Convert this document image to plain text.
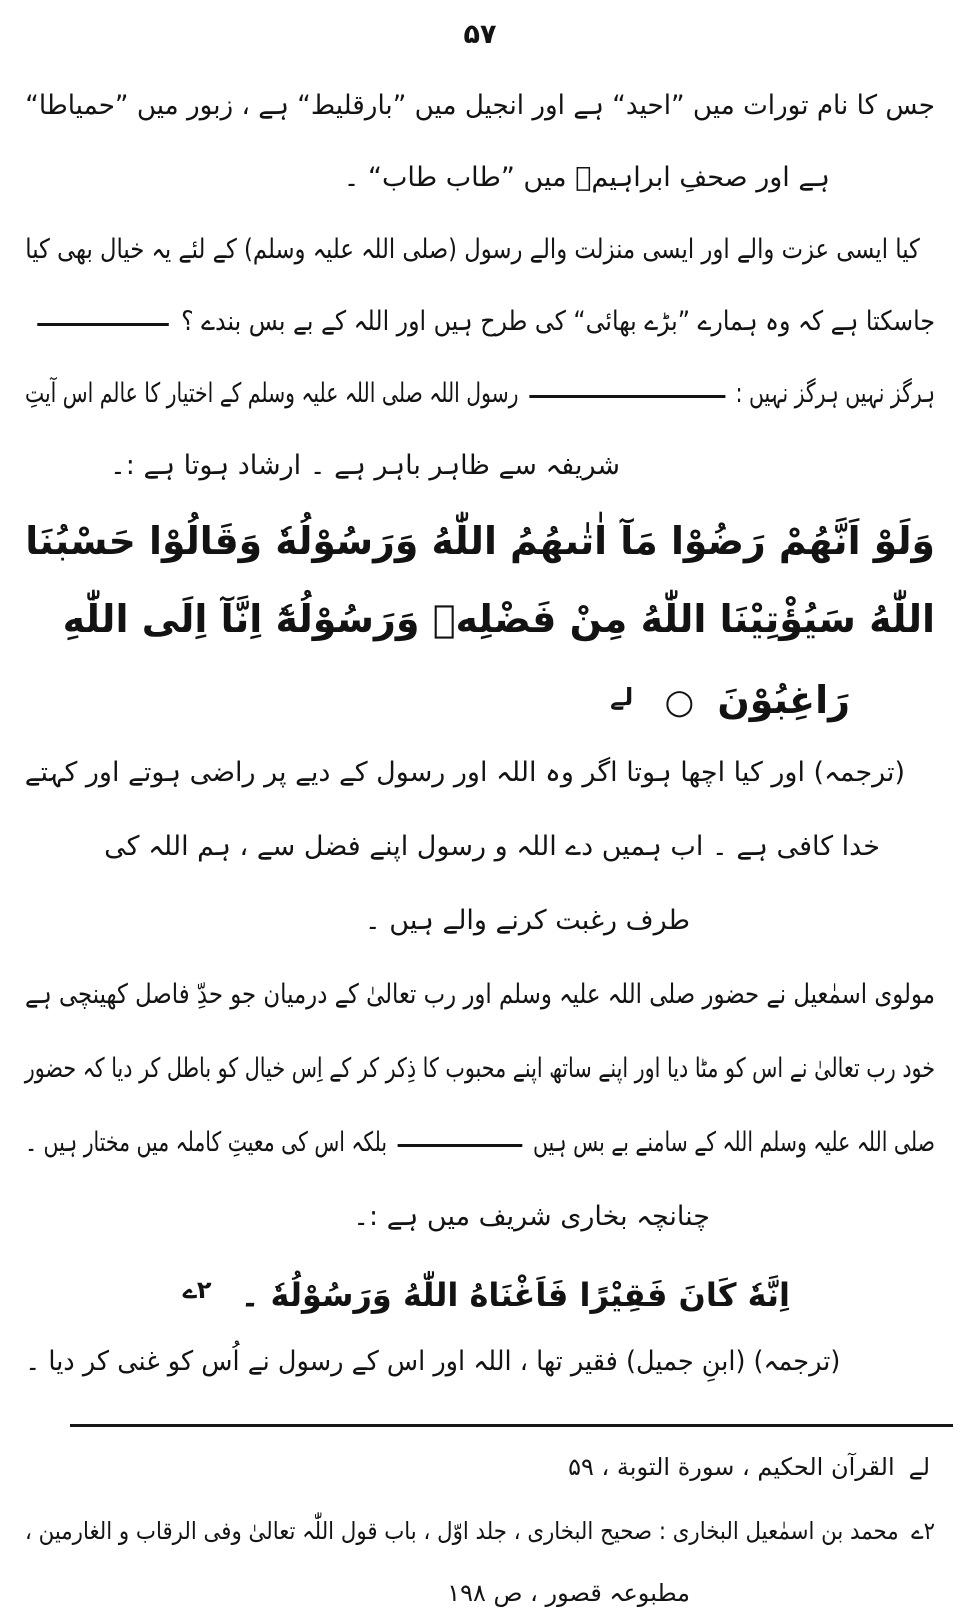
۵۷
جس کا نام تورات میں ”احید“ ہے اور انجیل میں ”بارقلیط“ ہے ، زبور میں ”حمیاطا“
ہے اور صحفِ ابراہیمؑ میں ”طاب طاب“ ۔
کیا ایسی عزت والے اور ایسی منزلت والے رسول (صلی اللہ علیہ وسلم) کے لئے یہ خیال بھی کیا
جاسکتا ہے کہ وہ ہمارے ”بڑے بھائی“ کی طرح ہیں اور اللہ کے بے بس بندے ؟
ہرگز نہیں ہرگز نہیں :رسول اللہ صلی اللہ علیہ وسلم کے اختیار کا عالم اس آیتِ
شریفہ سے ظاہر باہر ہے ۔ ارشاد ہوتا ہے :۔
وَلَوْ اَنَّهُمْ رَضُوْا مَآ اٰتٰىهُمُ اللّٰهُ وَرَسُوْلُهٗ وَقَالُوْا حَسْبُنَا
اللّٰهُ سَيُؤْتِيْنَا اللّٰهُ مِنْ فَضْلِهٖ وَرَسُوْلُهٗٓ اِنَّآ اِلَى اللّٰهِ
رَاغِبُوْنَ ○ $^{لے}$
(ترجمہ) اور کیا اچھا ہوتا اگر وہ اللہ اور رسول کے دیے پر راضی ہوتے اور کہتے
خدا کافی ہے ۔ اب ہمیں دے اللہ و رسول اپنے فضل سے ، ہم اللہ کی
طرف رغبت کرنے والے ہیں ۔
مولوی اسمٰعیل نے حضور صلی اللہ علیہ وسلم اور رب تعالیٰ کے درمیان جو حدِّ فاصل کھینچی ہے
خود رب تعالیٰ نے اس کو مٹا دیا اور اپنے ساتھ اپنے محبوب کا ذِکر کر کے اِس خیال کو باطل کر دیا کہ حضور
صلی اللہ علیہ وسلم اللہ کے سامنے بے بس ہیںبلکہ اس کی معیتِ کاملہ میں مختار ہیں ۔
چنانچہ بخاری شریف میں ہے :۔
اِنَّهٗ كَانَ فَقِيْرًا فَاَغْنَاهُ اللّٰهُ وَرَسُوْلُهٗ ۔ $^{۲ے}$
(ترجمہ) (ابنِ جمیل) فقیر تھا ، اللہ اور اس کے رسول نے اُس کو غنی کر دیا ۔
لےالقرآن الحکیم ، سورة التوبة ، ۵۹
۲ےمحمد بن اسمٰعیل البخاری : صحیح البخاری ، جلد اوّل ، باب قول اللّٰہ تعالیٰ وفی الرقاب و الغارمین ،
مطبوعہ قصور ، ص ۱۹۸
